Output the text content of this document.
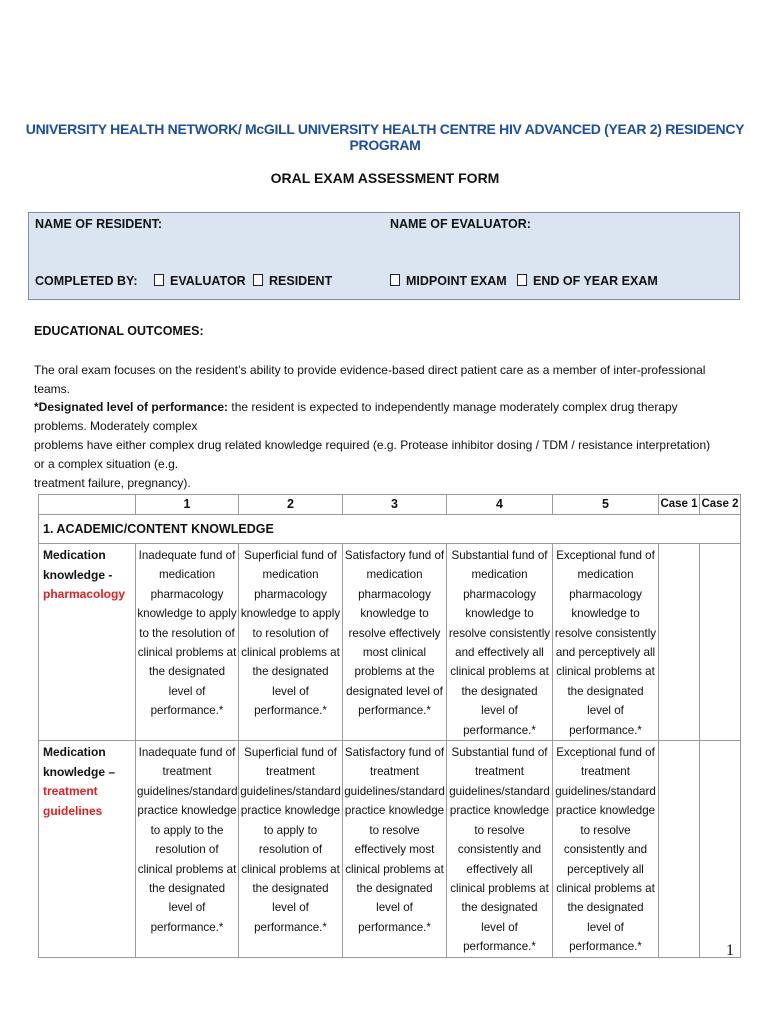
UNIVERSITY HEALTH NETWORK/ McGILL UNIVERSITY HEALTH CENTRE HIV ADVANCED (YEAR 2) RESIDENCY PROGRAM
ORAL EXAM ASSESSMENT FORM
NAME OF RESIDENT:	NAME OF EVALUATOR:
COMPLETED BY:	EVALUATOR	RESIDENT	MIDPOINT EXAM	END OF YEAR EXAM
EDUCATIONAL OUTCOMES:
The oral exam focuses on the resident’s ability to provide evidence-based direct patient care as a member of inter-professional teams.
*Designated level of performance: the resident is expected to independently manage moderately complex drug therapy problems. Moderately complex
problems have either complex drug related knowledge required (e.g. Protease inhibitor dosing / TDM / resistance interpretation) or a complex situation (e.g.
treatment failure, pregnancy).
	1	2	3	4	5	Case 1	Case 2
1. ACADEMIC/CONTENT KNOWLEDGE							
Medication knowledge -
pharmacology	Inadequate fund of medication pharmacology knowledge to apply to the resolution of clinical problems at the designated level of performance.*	Superficial fund of medication pharmacology knowledge to apply to resolution of clinical problems at the designated level of performance.*	Satisfactory fund of medication pharmacology knowledge to resolve effectively most clinical problems at the designated level of performance.*	Substantial fund of medication pharmacology knowledge to resolve consistently and effectively all clinical problems at the designated level of performance.*	Exceptional fund of medication pharmacology knowledge to resolve consistently and perceptively all clinical problems at the designated level of performance.*		
Medication knowledge –
treatment guidelines	Inadequate fund of treatment guidelines/standard practice knowledge to apply to the resolution of clinical problems at the designated level of performance.*	Superficial fund of treatment guidelines/standard practice knowledge to apply to resolution of clinical problems at the designated level of performance.*	Satisfactory fund of treatment guidelines/standard practice knowledge to resolve effectively most clinical problems at the designated level of performance.*	Substantial fund of treatment guidelines/standard practice knowledge to resolve consistently and effectively all clinical problems at the designated level of performance.*	Exceptional fund of treatment guidelines/standard practice knowledge to resolve consistently and perceptively all clinical problems at the designated level of performance.*			1
